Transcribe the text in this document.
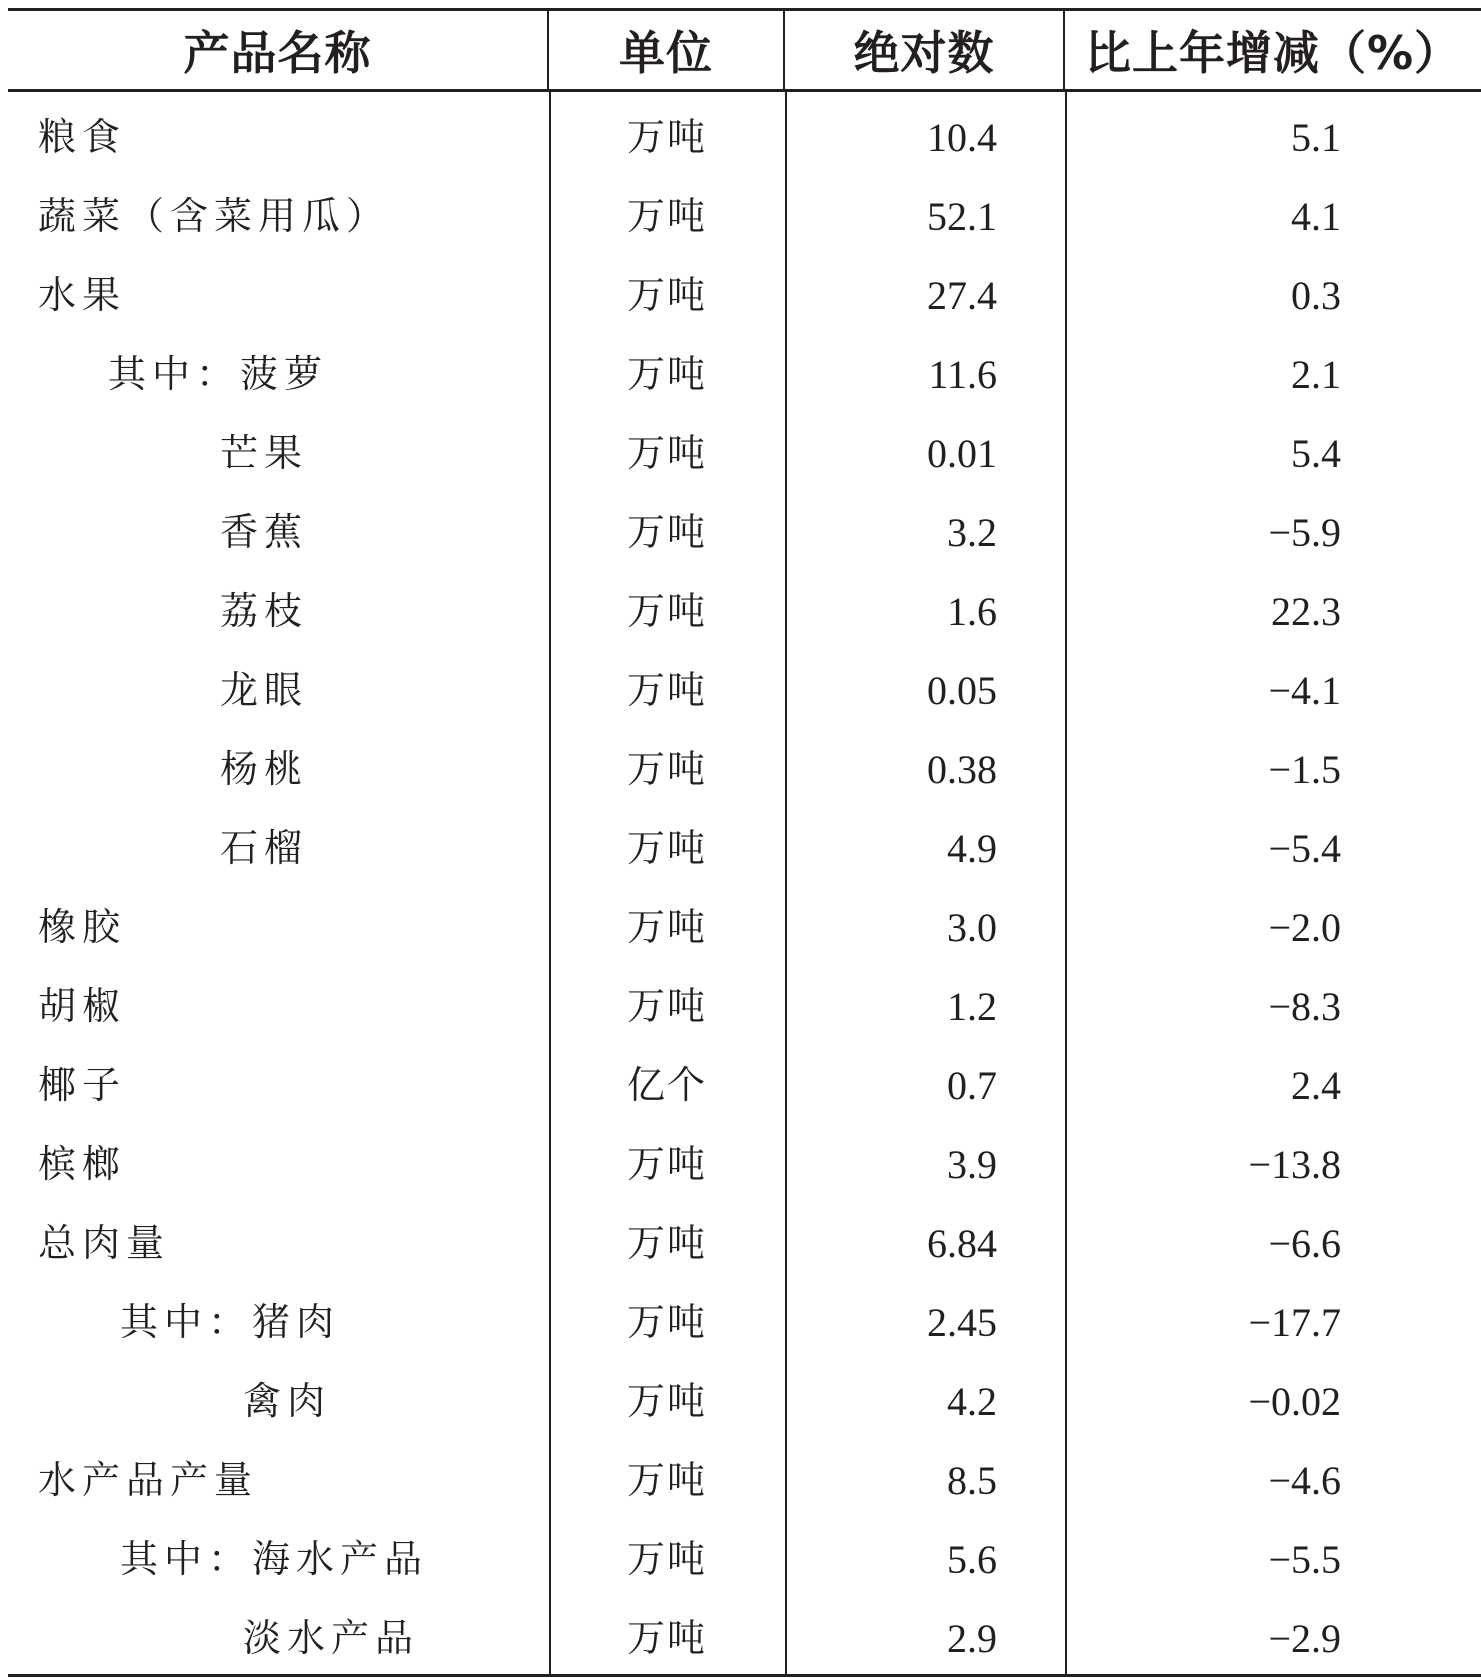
产品名称	单位	绝对数	比上年增减（%）
粮食	万吨	10.4	5.1
蔬菜（含菜用瓜）	万吨	52.1	4.1
水果	万吨	27.4	0.3
其中：菠萝	万吨	11.6	2.1
芒果	万吨	0.01	5.4
香蕉	万吨	3.2	−5.9
荔枝	万吨	1.6	22.3
龙眼	万吨	0.05	−4.1
杨桃	万吨	0.38	−1.5
石榴	万吨	4.9	−5.4
橡胶	万吨	3.0	−2.0
胡椒	万吨	1.2	−8.3
椰子	亿个	0.7	2.4
槟榔	万吨	3.9	−13.8
总肉量	万吨	6.84	−6.6
其中：猪肉	万吨	2.45	−17.7
禽肉	万吨	4.2	−0.02
水产品产量	万吨	8.5	−4.6
其中：海水产品	万吨	5.6	−5.5
淡水产品	万吨	2.9	−2.9
